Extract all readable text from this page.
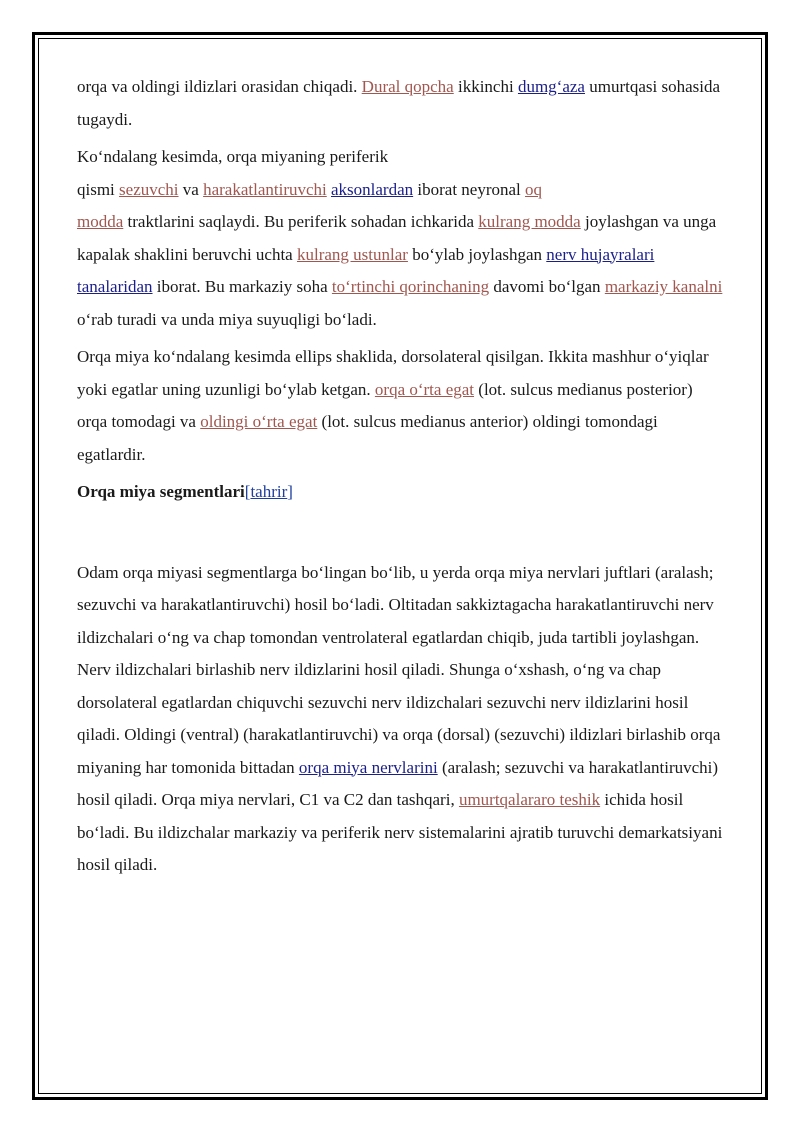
orqa va oldingi ildizlari orasidan chiqadi. Dural qopcha ikkinchi dumg‘aza umurtqasi sohasida tugaydi.

Ko‘ndalang kesimda, orqa miyaning periferik
qismi sezuvchi va harakatlantiruvchi aksonlardan iborat neyronal oq
modda traktlarini saqlaydi. Bu periferik sohadan ichkarida kulrang modda joylashgan va unga kapalak shaklini beruvchi uchta kulrang ustunlar bo‘ylab joylashgan nerv hujayralari tanalaridan iborat. Bu markaziy soha to‘rtinchi qorinchaning davomi bo‘lgan markaziy kanalni o‘rab turadi va unda miya suyuqligi bo‘ladi.

Orqa miya ko‘ndalang kesimda ellips shaklida, dorsolateral qisilgan. Ikkita mashhur o‘yiqlar yoki egatlar uning uzunligi bo‘ylab ketgan. orqa o‘rta egat (lot. sulcus medianus posterior) orqa tomodagi va oldingi o‘rta egat (lot. sulcus medianus anterior) oldingi tomondagi egatlardir.

Orqa miya segmentlari[tahrir]

Odam orqa miyasi segmentlarga bo‘lingan bo‘lib, u yerda orqa miya nervlari juftlari (aralash; sezuvchi va harakatlantiruvchi) hosil bo‘ladi. Oltitadan sakkiztagacha harakatlantiruvchi nerv ildizchalari o‘ng va chap tomondan ventrolateral egatlardan chiqib, juda tartibli joylashgan. Nerv ildizchalari birlashib nerv ildizlarini hosil qiladi. Shunga o‘xshash, o‘ng va chap dorsolateral egatlardan chiquvchi sezuvchi nerv ildizchalari sezuvchi nerv ildizlarini hosil qiladi. Oldingi (ventral) (harakatlantiruvchi) va orqa (dorsal) (sezuvchi) ildizlari birlashib orqa miyaning har tomonida bittadan orqa miya nervlarini (aralash; sezuvchi va harakatlantiruvchi) hosil qiladi. Orqa miya nervlari, C1 va C2 dan tashqari, umurtqalararo teshik ichida hosil bo‘ladi. Bu ildizchalar markaziy va periferik nerv sistemalarini ajratib turuvchi demarkatsiyani hosil qiladi.
